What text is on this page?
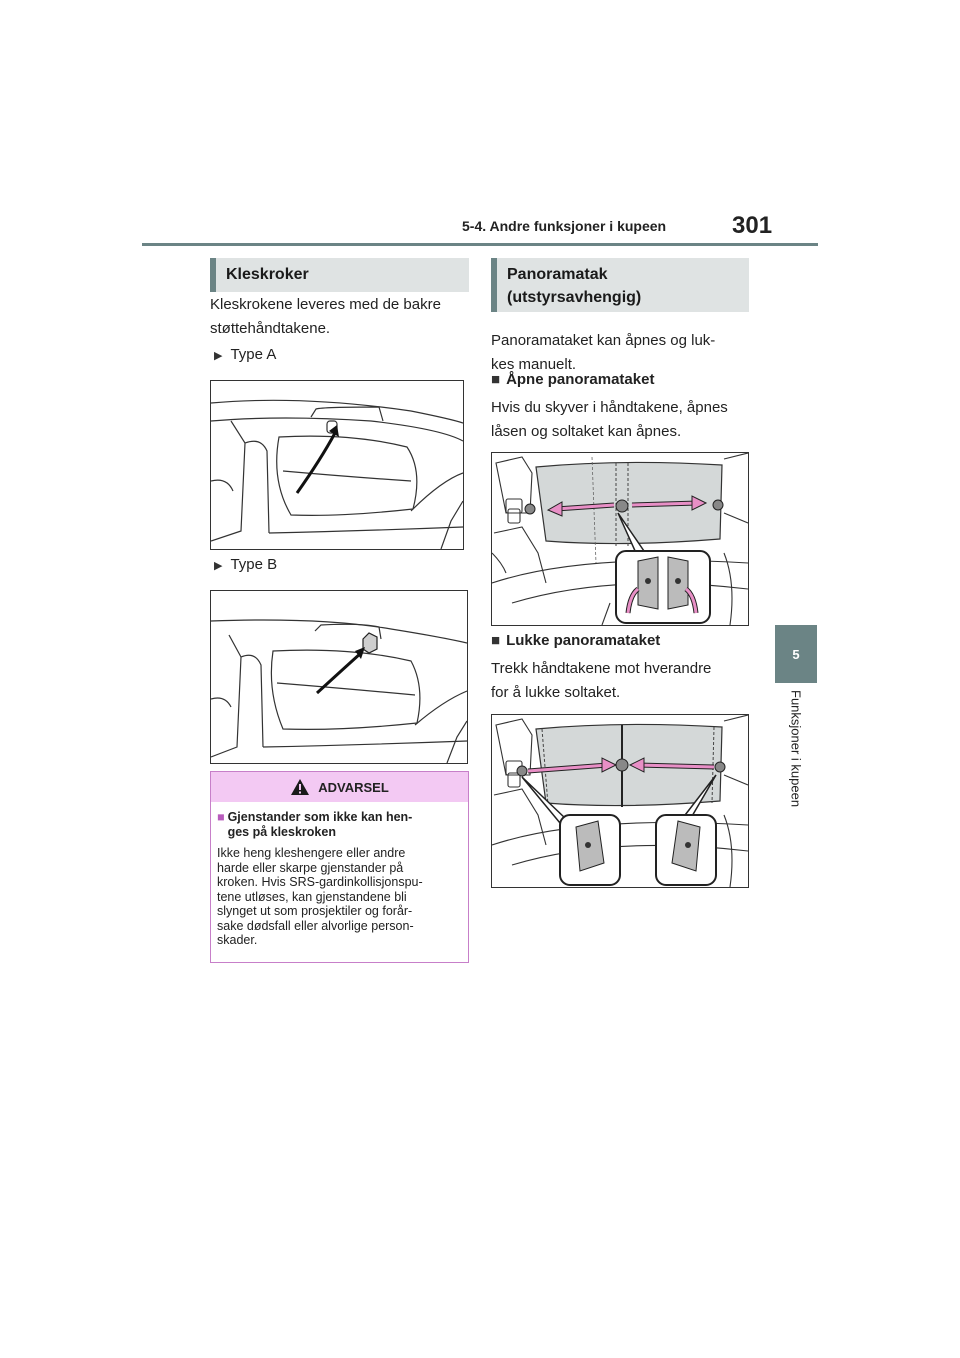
5-4. Andre funksjoner i kupeen	301
5
Funksjoner i kupeen
Kleskroker
Kleskrokene leveres med de bakre
støttehåndtakene.
▶ Type A
▶ Type B
ADVARSEL
■ Gjenstander som ikke kan hen-
ges på kleskroken
Ikke heng kleshengere eller andre
harde eller skarpe gjenstander på
kroken. Hvis SRS-gardinkollisjonspu-
tene utløses, kan gjenstandene bli
slynget ut som prosjektiler og forår-
sake dødsfall eller alvorlige person-
skader.
Panoramatak
(utstyrsavhengig)
Panoramataket kan åpnes og luk-
kes manuelt.
■ Åpne panoramataket
Hvis du skyver i håndtakene, åpnes
låsen og soltaket kan åpnes.
■ Lukke panoramataket
Trekk håndtakene mot hverandre
for å lukke soltaket.
